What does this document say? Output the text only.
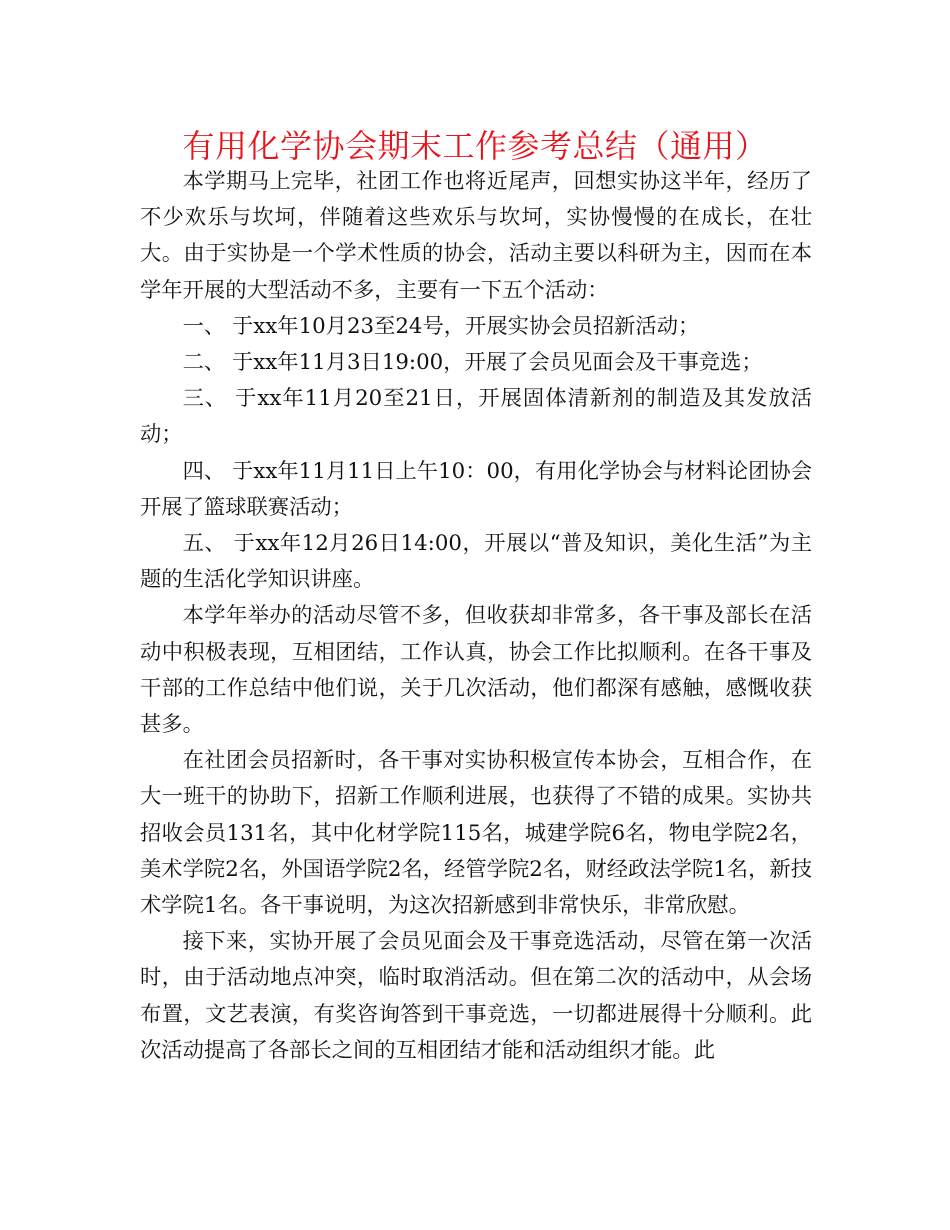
有用化学协会期末工作参考总结（通用）

本学期马上完毕，社团工作也将近尾声，回想实协这半年，经历了不少欢乐与坎坷，伴随着这些欢乐与坎坷，实协慢慢的在成长，在壮大。由于实协是一个学术性质的协会，活动主要以科研为主，因而在本学年开展的大型活动不多，主要有一下五个活动：

一、 于xx年10月23至24号，开展实协会员招新活动；

二、 于xx年11月3日19:00，开展了会员见面会及干事竞选；

三、 于xx年11月20至21日，开展固体清新剂的制造及其发放活动；

四、 于xx年11月11日上午10：00，有用化学协会与材料论团协会开展了篮球联赛活动；

五、 于xx年12月26日14:00，开展以“普及知识，美化生活”为主题的生活化学知识讲座。

本学年举办的活动尽管不多，但收获却非常多，各干事及部长在活动中积极表现，互相团结，工作认真，协会工作比拟顺利。在各干事及干部的工作总结中他们说，关于几次活动，他们都深有感触，感慨收获甚多。

在社团会员招新时，各干事对实协积极宣传本协会，互相合作，在大一班干的协助下，招新工作顺利进展，也获得了不错的成果。实协共招收会员131名，其中化材学院115名，城建学院6名，物电学院2名，美术学院2名，外国语学院2名，经管学院2名，财经政法学院1名，新技术学院1名。各干事说明，为这次招新感到非常快乐，非常欣慰。

接下来，实协开展了会员见面会及干事竞选活动，尽管在第一次活时，由于活动地点冲突，临时取消活动。但在第二次的活动中，从会场布置，文艺表演，有奖咨询答到干事竞选，一切都进展得十分顺利。此次活动提高了各部长之间的互相团结才能和活动组织才能。此
